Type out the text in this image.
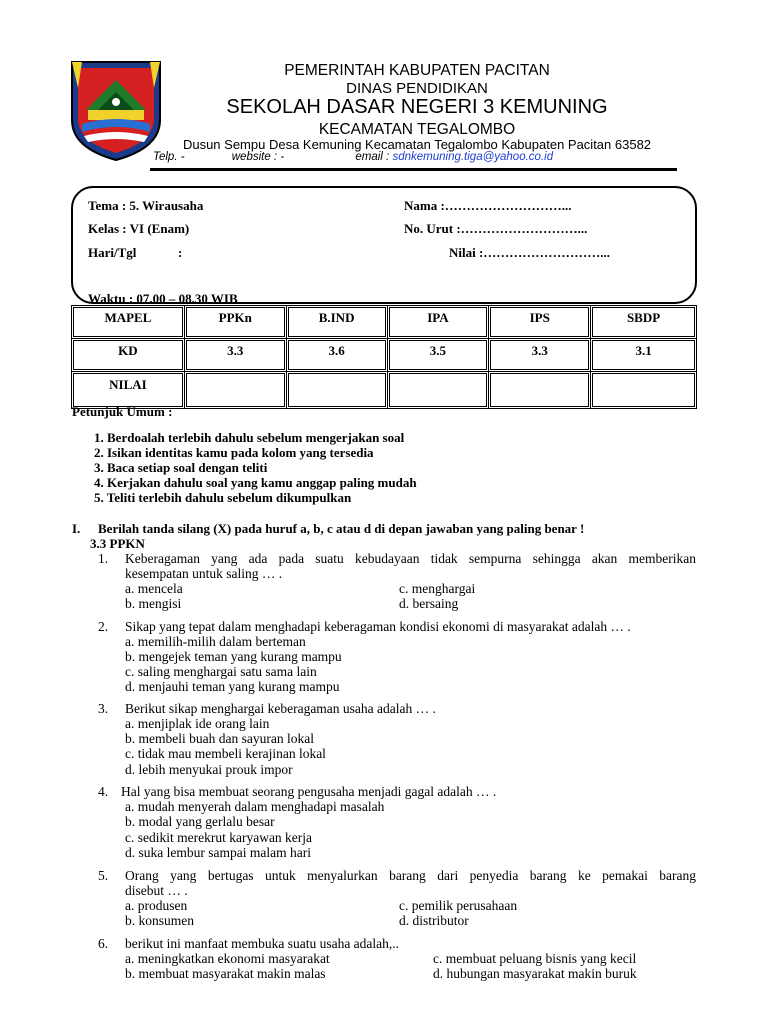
PEMERINTAH KABUPATEN PACITAN
DINAS PENDIDIKAN
SEKOLAH DASAR NEGERI 3 KEMUNING
KECAMATAN TEGALOMBO
Dusun Sempu Desa Kemuning Kecamatan Tegalombo Kabupaten Pacitan 63582
Telp. -	website : -	email : sdnkemuning.tiga@yahoo.co.id
Tema : 5. Wirausaha
Kelas : VI (Enam)
Hari/Tgl	:
Waktu : 07.00 – 08.30 WIB
Nama :………………………...
No. Urut :………………………...
Nilai :………………………...
MAPEL	PPKn	B.IND	IPA	IPS	SBDP

KD	3.3	3.6	3.5	3.3	3.1

NILAI					

Petunjuk Umum :
1. Berdoalah terlebih dahulu sebelum mengerjakan soal
2. Isikan identitas kamu pada kolom yang tersedia
3. Baca setiap soal dengan teliti
4. Kerjakan dahulu soal yang kamu anggap paling mudah
5. Teliti terlebih dahulu sebelum dikumpulkan
I. Berilah tanda silang (X) pada huruf a, b, c atau d di depan jawaban yang paling benar !
3.3 PPKN
1. Keberagaman yang ada pada suatu kebudayaan tidak sempurna sehingga akan memberikan
kesempatan untuk saling … .
a. mencela
b. mengisi
c. menghargai
d. bersaing
2. Sikap yang tepat dalam menghadapi keberagaman kondisi ekonomi di masyarakat adalah … .
a. memilih-milih dalam berteman
b. mengejek teman yang kurang mampu
c. saling menghargai satu sama lain
d. menjauhi teman yang kurang mampu
3. Berikut sikap menghargai keberagaman usaha adalah … .
a. menjiplak ide orang lain
b. membeli buah dan sayuran lokal
c. tidak mau membeli kerajinan lokal
d. lebih menyukai prouk impor
4. Hal yang bisa membuat seorang pengusaha menjadi gagal adalah … .
a. mudah menyerah dalam menghadapi masalah
b. modal yang gerlalu besar
c. sedikit merekrut karyawan kerja
d. suka lembur sampai malam hari
5. Orang yang bertugas untuk menyalurkan barang dari penyedia barang ke pemakai barang
disebut … .
a. produsen
b. konsumen
c. pemilik perusahaan
d. distributor
6. berikut ini manfaat membuka suatu usaha adalah,..
a. meningkatkan ekonomi masyarakat
b. membuat masyarakat makin malas
c. membuat peluang bisnis yang kecil
d. hubungan masyarakat makin buruk
